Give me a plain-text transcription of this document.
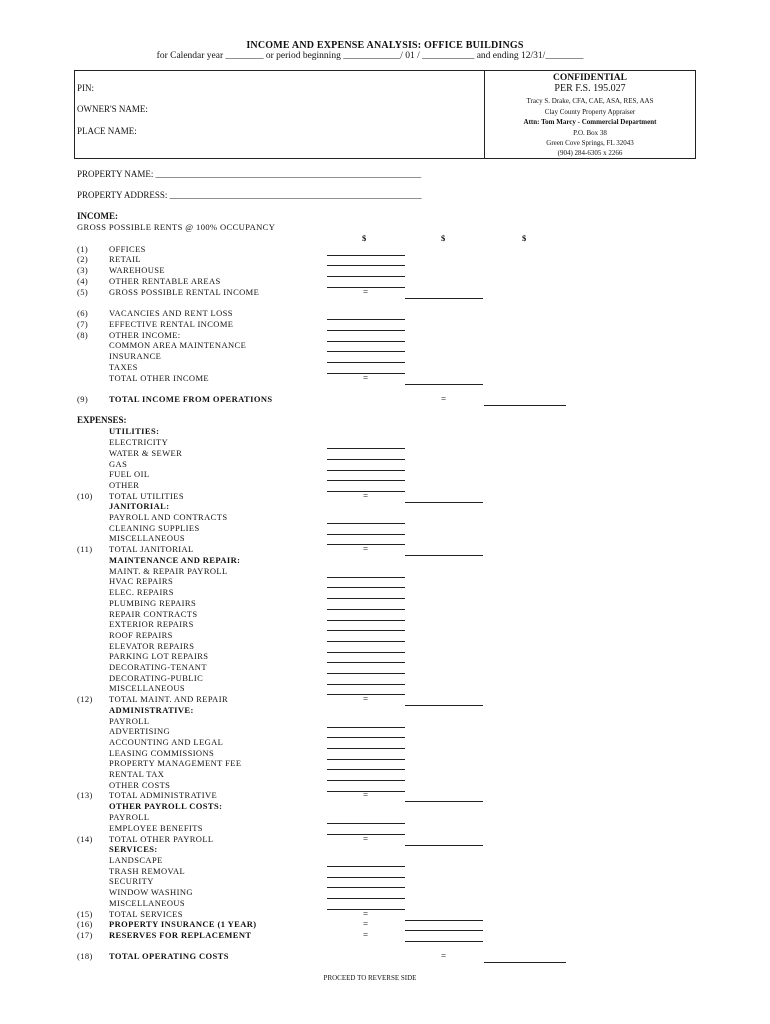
INCOME AND EXPENSE ANALYSIS: OFFICE BUILDINGS
for Calendar year ________ or period beginning ____________/ 01 / ___________ and ending 12/31/________
PIN:
OWNER'S NAME:
PLACE NAME:
CONFIDENTIAL
PER F.S. 195.027
Tracy S. Drake, CFA, CAE, ASA, RES, AAS
Clay County Property Appraiser
Attn: Tom Marcy - Commercial Department
P.O. Box 38
Green Cove Springs, FL 32043
(904) 284-6305 x 2266
PROPERTY NAME: ___________________________________________________________
PROPERTY ADDRESS: ________________________________________________________
INCOME:
GROSS POSSIBLE RENTS @ 100% OCCUPANCY
$	$	$
EXPENSES:
(1) OFFICES
(2) RETAIL
(3) WAREHOUSE
(4) OTHER RENTABLE AREAS
(5) GROSS POSSIBLE RENTAL INCOME	=
(6) VACANCIES AND RENT LOSS
(7) EFFECTIVE RENTAL INCOME
(8) OTHER INCOME:
COMMON AREA MAINTENANCE
INSURANCE
TAXES
TOTAL OTHER INCOME	=
(9) TOTAL INCOME FROM OPERATIONS	=
UTILITIES:
ELECTRICITY
WATER & SEWER
GAS
FUEL OIL
OTHER
(10) TOTAL UTILITIES	=
JANITORIAL:
PAYROLL AND CONTRACTS
CLEANING SUPPLIES
MISCELLANEOUS
(11) TOTAL JANITORIAL	=
MAINTENANCE AND REPAIR:
MAINT. & REPAIR PAYROLL
HVAC REPAIRS
ELEC. REPAIRS
PLUMBING REPAIRS
REPAIR CONTRACTS
EXTERIOR REPAIRS
ROOF REPAIRS
ELEVATOR REPAIRS
PARKING LOT REPAIRS
DECORATING-TENANT
DECORATING-PUBLIC
MISCELLANEOUS
(12) TOTAL MAINT. AND REPAIR	=
ADMINISTRATIVE:
PAYROLL
ADVERTISING
ACCOUNTING AND LEGAL
LEASING COMMISSIONS
PROPERTY MANAGEMENT FEE
RENTAL TAX
OTHER COSTS
(13) TOTAL ADMINISTRATIVE	=
OTHER PAYROLL COSTS:
PAYROLL
EMPLOYEE BENEFITS
(14) TOTAL OTHER PAYROLL	=
SERVICES:
LANDSCAPE
TRASH REMOVAL
SECURITY
WINDOW WASHING
MISCELLANEOUS
(15) TOTAL SERVICES	=
(16) PROPERTY INSURANCE (1 YEAR)	=
(17) RESERVES FOR REPLACEMENT	=
(18) TOTAL OPERATING COSTS	=
PROCEED TO REVERSE SIDE
